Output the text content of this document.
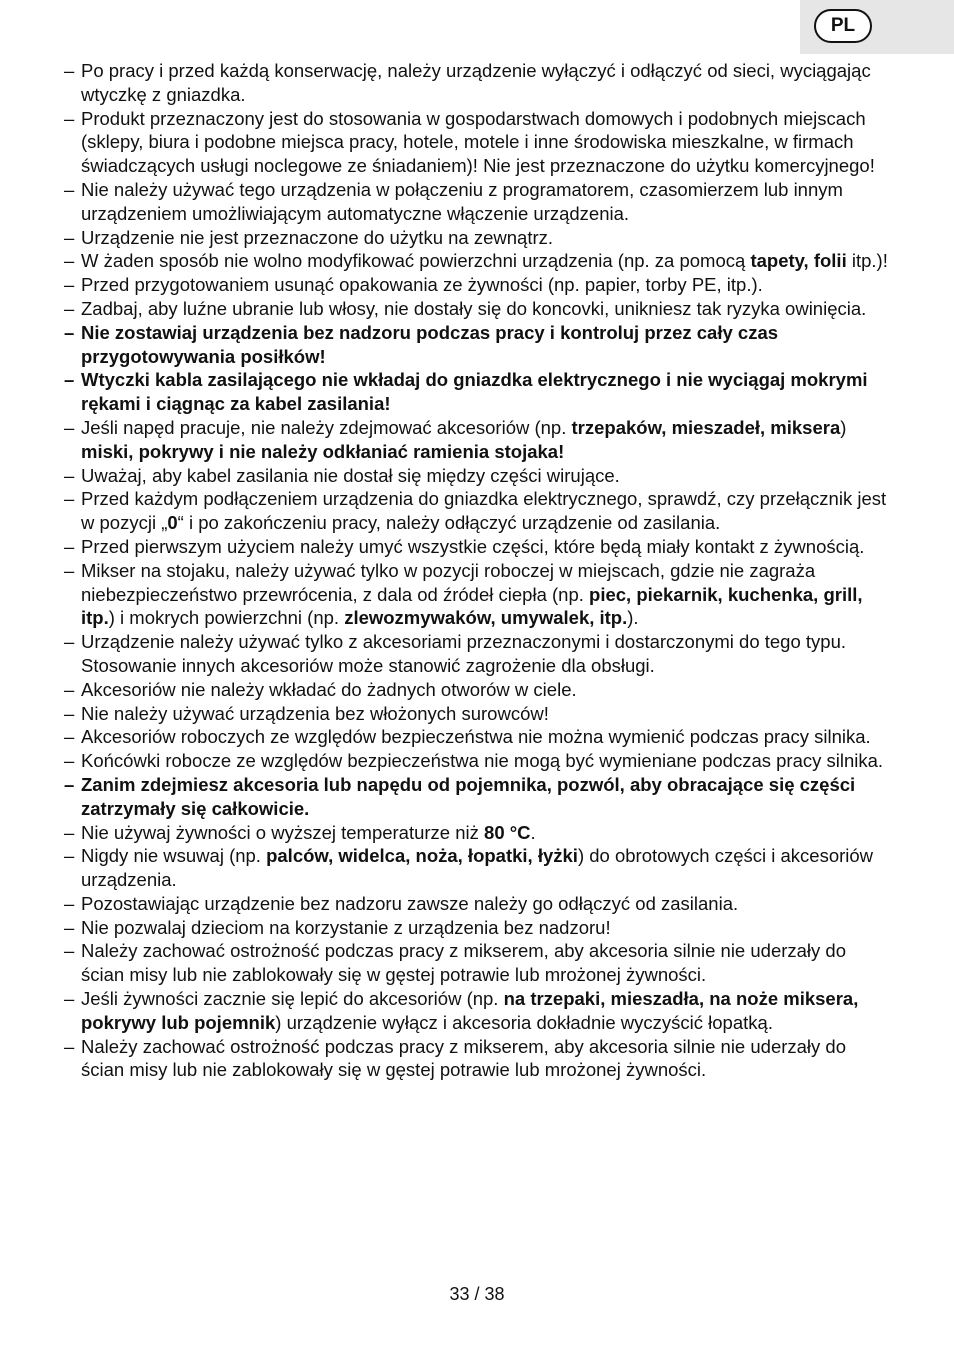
PL
– Po pracy i przed każdą konserwację, należy urządzenie wyłączyć i odłączyć od sieci, wyciągając wtyczkę z gniazdka.
– Produkt przeznaczony jest do stosowania w gospodarstwach domowych i podobnych miejscach (sklepy, biura i podobne miejsca pracy, hotele, motele i inne środowiska mieszkalne, w firmach świadczących usługi noclegowe ze śniadaniem)! Nie jest przeznaczone do użytku komercyjnego!
– Nie należy używać tego urządzenia w połączeniu z programatorem, czasomierzem lub innym urządzeniem umożliwiającym automatyczne włączenie urządzenia.
– Urządzenie nie jest przeznaczone do użytku na zewnątrz.
– W żaden sposób nie wolno modyfikować powierzchni urządzenia (np. za pomocą tapety, folii itp.)!
– Przed przygotowaniem usunąć opakowania ze żywności (np. papier, torby PE, itp.).
– Zadbaj, aby luźne ubranie lub włosy, nie dostały się do koncovki, unikniesz tak ryzyka owinięcia.
– Nie zostawiaj urządzenia bez nadzoru podczas pracy i kontroluj przez cały czas przygotowywania posiłków!
– Wtyczki kabla zasilającego nie wkładaj do gniazdka elektrycznego i nie wyciągaj mokrymi rękami i ciągnąc za kabel zasilania!
– Jeśli napęd pracuje, nie należy zdejmować akcesoriów (np. trzepaków, mieszadeł, miksera) miski, pokrywy i nie należy odkłaniać ramienia stojaka!
– Uważaj, aby kabel zasilania nie dostał się między części wirujące.
– Przed każdym podłączeniem urządzenia do gniazdka elektrycznego, sprawdź, czy przełącznik jest w pozycji „0“ i po zakończeniu pracy, należy odłączyć urządzenie od zasilania.
– Przed pierwszym użyciem należy umyć wszystkie części, które będą miały kontakt z żywnością.
– Mikser na stojaku, należy używać tylko w pozycji roboczej w miejscach, gdzie nie zagraża niebezpieczeństwo przewrócenia, z dala od źródeł ciepła (np. piec, piekarnik, kuchenka, grill, itp.) i mokrych powierzchni (np. zlewozmywaków, umywalek, itp.).
– Urządzenie należy używać tylko z akcesoriami przeznaczonymi i dostarczonymi do tego typu. Stosowanie innych akcesoriów może stanowić zagrożenie dla obsługi.
– Akcesoriów nie należy wkładać do żadnych otworów w ciele.
– Nie należy używać urządzenia bez włożonych surowców!
– Akcesoriów roboczych ze względów bezpieczeństwa nie można wymienić podczas pracy silnika.
– Końcówki robocze ze względów bezpieczeństwa nie mogą być wymieniane podczas pracy silnika.
– Zanim zdejmiesz akcesoria lub napędu od pojemnika, pozwól, aby obracające się części zatrzymały się całkowicie.
– Nie używaj żywności o wyższej temperaturze niż 80 °C.
– Nigdy nie wsuwaj (np. palców, widelca, noża, łopatki, łyżki) do obrotowych części i akcesoriów urządzenia.
– Pozostawiając urządzenie bez nadzoru zawsze należy go odłączyć od zasilania.
– Nie pozwalaj dzieciom na korzystanie z urządzenia bez nadzoru!
– Należy zachować ostrożność podczas pracy z mikserem, aby akcesoria silnie nie uderzały do ścian misy lub nie zablokowały się w gęstej potrawie lub mrożonej żywności.
– Jeśli żywności zacznie się lepić do akcesoriów (np. na trzepaki, mieszadła, na noże miksera, pokrywy lub pojemnik) urządzenie wyłącz i akcesoria dokładnie wyczyścić łopatką.
– Należy zachować ostrożność podczas pracy z mikserem, aby akcesoria silnie nie uderzały do ścian misy lub nie zablokowały się w gęstej potrawie lub mrożonej żywności.
33 / 38
